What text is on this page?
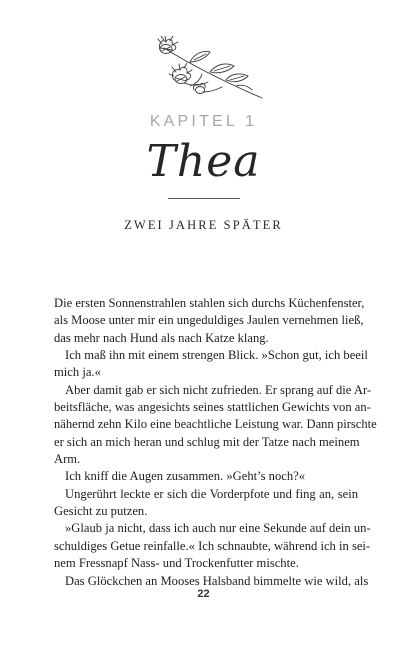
KAPITEL 1
Thea
ZWEI JAHRE SPÄTER
Die ersten Sonnenstrahlen stahlen sich durchs Küchenfenster,
als Moose unter mir ein ungeduldiges Jaulen vernehmen ließ,
das mehr nach Hund als nach Katze klang.
Ich maß ihn mit einem strengen Blick. »Schon gut, ich beeil
mich ja.«
Aber damit gab er sich nicht zufrieden. Er sprang auf die Ar-
beitsfläche, was angesichts seines stattlichen Gewichts von an-
nähernd zehn Kilo eine beachtliche Leistung war. Dann pirschte
er sich an mich heran und schlug mit der Tatze nach meinem
Arm.
Ich kniff die Augen zusammen. »Geht’s noch?«
Ungerührt leckte er sich die Vorderpfote und fing an, sein
Gesicht zu putzen.
»Glaub ja nicht, dass ich auch nur eine Sekunde auf dein un-
schuldiges Getue reinfalle.« Ich schnaubte, während ich in sei-
nem Fressnapf Nass- und Trockenfutter mischte.
Das Glöckchen an Mooses Halsband bimmelte wie wild, als
22
